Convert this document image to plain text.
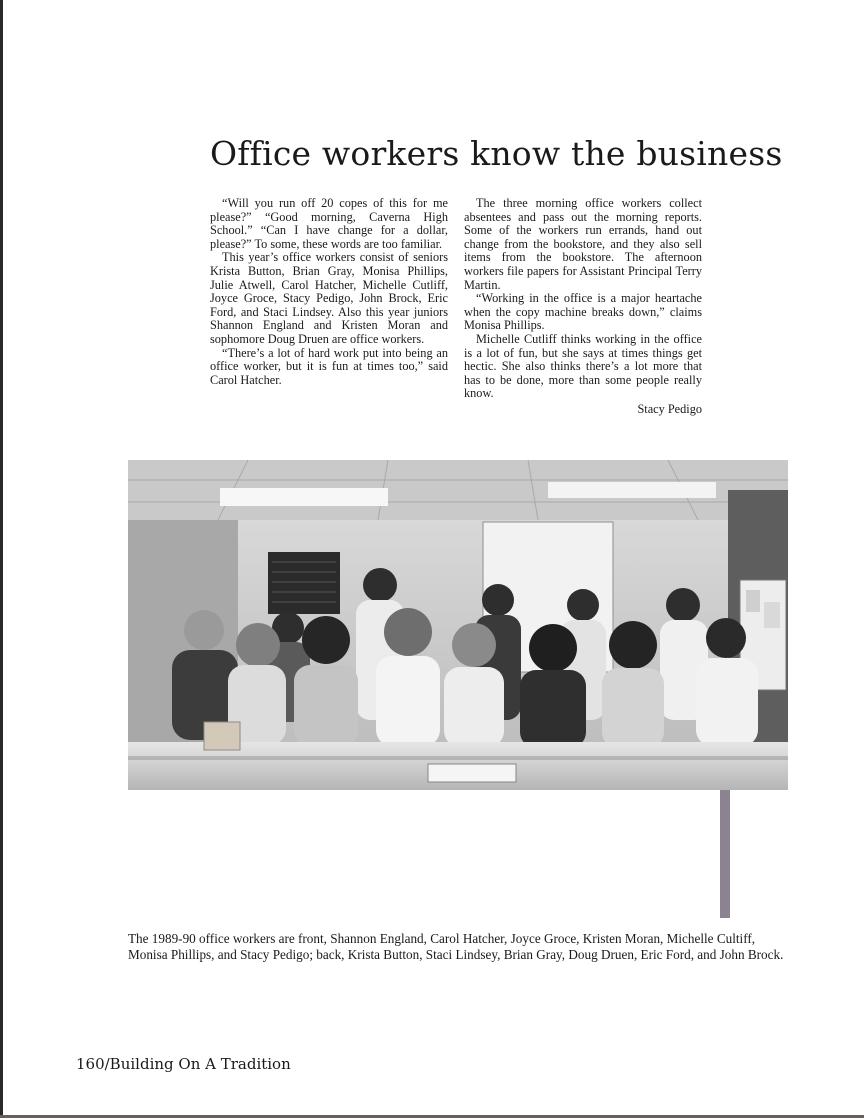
Office workers know the business

“Will you run off 20 copes of this for me please?” “Good morning, Caverna High School.” “Can I have change for a dollar, please?” To some, these words are too familiar.

This year’s office workers consist of seniors Krista Button, Brian Gray, Monisa Phillips, Julie Atwell, Carol Hatcher, Michelle Cutliff, Joyce Groce, Stacy Pedigo, John Brock, Eric Ford, and Staci Lindsey. Also this year juniors Shannon England and Kristen Moran and sophomore Doug Druen are office workers.

“There’s a lot of hard work put into being an office worker, but it is fun at times too,” said Carol Hatcher.

The three morning office workers collect absentees and pass out the morning reports. Some of the workers run errands, hand out change from the bookstore, and they also sell items from the bookstore. The afternoon workers file papers for Assistant Principal Terry Martin.

“Working in the office is a major heartache when the copy machine breaks down,” claims Monisa Phillips.

Michelle Cutliff thinks working in the office is a lot of fun, but she says at times things get hectic. She also thinks there’s a lot more that has to be done, more than some people really know.

Stacy Pedigo

The 1989-90 office workers are front, Shannon England, Carol Hatcher, Joyce Groce, Kristen Moran, Michelle Cultiff, Monisa Phillips, and Stacy Pedigo; back, Krista Button, Staci Lindsey, Brian Gray, Doug Druen, Eric Ford, and John Brock.

160/Building On A Tradition
